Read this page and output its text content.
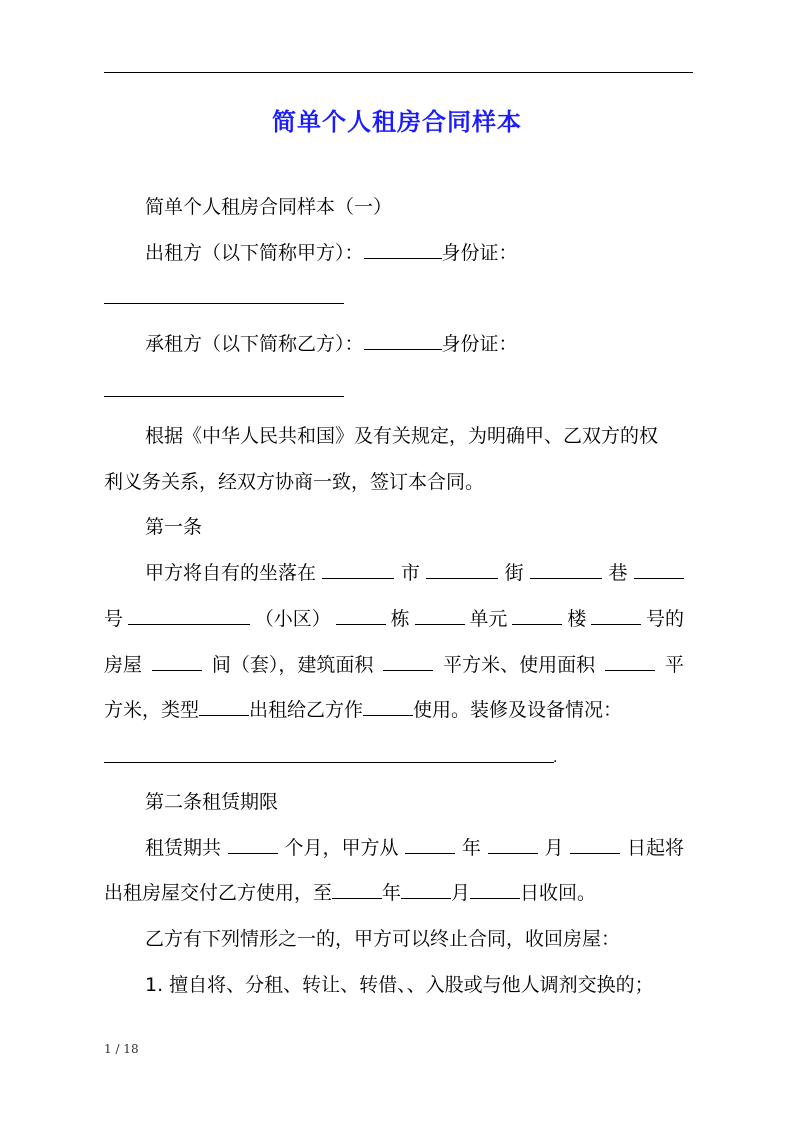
简单个人租房合同样本
简单个人租房合同样本（一）
出租方（以下简称甲方）：	身份证：
承租方（以下简称乙方）：	身份证：
根据《中华人民共和国》及有关规定，为明确甲、乙双方的权
利义务关系，经双方协商一致，签订本合同。
第一条
甲方将自有的坐落在	市	街	巷
号	（小区）	栋	单元	楼	号的
房屋	间（套），建筑面积	平方米、使用面积	平
方米，类型	出租给乙方作	使用。装修及设备情况：
.
第二条租赁期限
租赁期共	个月，甲方从	年	月	日起将
出租房屋交付乙方使用，至	年	月	日收回。
乙方有下列情形之一的，甲方可以终止合同，收回房屋：
1. 擅自将、分租、转让、转借、、入股或与他人调剂交换的；
1 / 18
